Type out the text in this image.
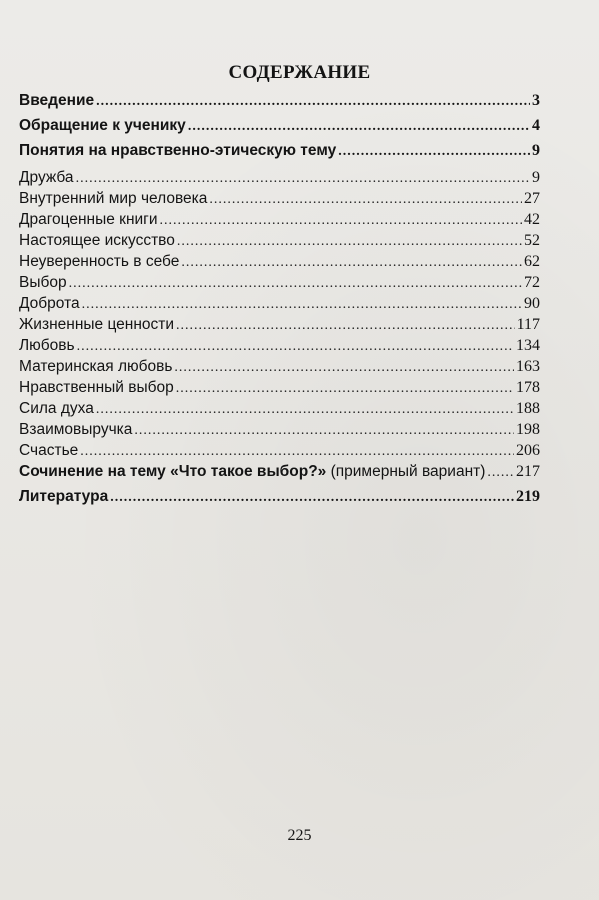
СОДЕРЖАНИЕ
Введение .....	3
Обращение к ученику .....	4
Понятия на нравственно-этическую тему .....	9
Дружба .....	9
Внутренний мир человека .....	27
Драгоценные книги .....	42
Настоящее искусство .....	52
Неуверенность в себе .....	62
Выбор .....	72
Доброта .....	90
Жизненные ценности .....	117
Любовь .....	134
Материнская любовь .....	163
Нравственный выбор .....	178
Сила духа .....	188
Взаимовыручка .....	198
Счастье .....	206
Сочинение на тему «Что такое выбор?» (примерный вариант) ..... 217
Литература .....	219
225
